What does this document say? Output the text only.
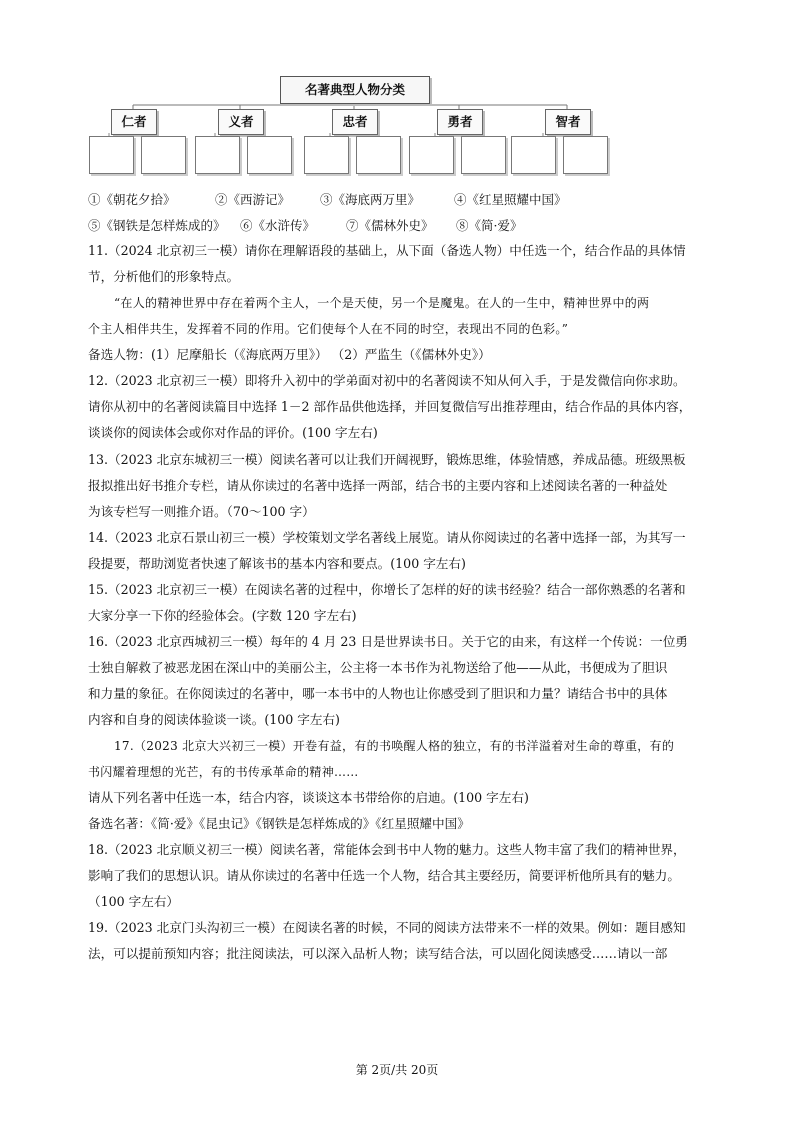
名著典型人物分类
仁者	义者	忠者	勇者	智者
①《朝花夕拾》	②《西游记》 ③《海底两万里》	④《红星照耀中国》
⑤《钢铁是怎样炼成的》 ⑥《水浒传》 ⑦《儒林外史》 ⑧《简·爱》

11.（2024 北京初三一模）请你在理解语段的基础上，从下面（备选人物）中任选一个，结合作品的具体情

节，分析他们的形象特点。

“在人的精神世界中存在着两个主人，一个是天使，另一个是魔鬼。在人的一生中，精神世界中的两

个主人相伴共生，发挥着不同的作用。它们使每个人在不同的时空，表现出不同的色彩。”

备选人物：(1）尼摩船长（《海底两万里》） （2）严监生（《儒林外史》）

12.（2023 北京初三一模）即将升入初中的学弟面对初中的名著阅读不知从何入手，于是发微信向你求助。

请你从初中的名著阅读篇目中选择 1－2 部作品供他选择，并回复微信写出推荐理由，结合作品的具体内容，

谈谈你的阅读体会或你对作品的评价。(100 字左右)

13.（2023 北京东城初三一模）阅读名著可以让我们开阔视野，锻炼思维，体验情感，养成品德。班级黑板

报拟推出好书推介专栏，请从你读过的名著中选择一两部，结合书的主要内容和上述阅读名著的一种益处

为该专栏写一则推介语。（70～100 字）

14.（2023 北京石景山初三一模）学校策划文学名著线上展览。请从你阅读过的名著中选择一部，为其写一

段提要，帮助浏览者快速了解该书的基本内容和要点。(100 字左右)

15.（2023 北京初三一模）在阅读名著的过程中，你增长了怎样的好的读书经验？结合一部你熟悉的名著和

大家分享一下你的经验体会。(字数 120 字左右)

16.（2023 北京西城初三一模）每年的 4 月 23 日是世界读书日。关于它的由来，有这样一个传说：一位勇

士独自解救了被恶龙困在深山中的美丽公主，公主将一本书作为礼物送给了他——从此，书便成为了胆识

和力量的象征。在你阅读过的名著中，哪一本书中的人物也让你感受到了胆识和力量？请结合书中的具体

内容和自身的阅读体验谈一谈。(100 字左右)

17.（2023 北京大兴初三一模）开卷有益，有的书唤醒人格的独立，有的书洋溢着对生命的尊重，有的

书闪耀着理想的光芒，有的书传承革命的精神……

请从下列名著中任选一本，结合内容，谈谈这本书带给你的启迪。(100 字左右)

备选名著：《简·爱》《昆虫记》《钢铁是怎样炼成的》《红星照耀中国》

18.（2023 北京顺义初三一模）阅读名著，常能体会到书中人物的魅力。这些人物丰富了我们的精神世界，

影响了我们的思想认识。请从你读过的名著中任选一个人物，结合其主要经历，简要评析他所具有的魅力。

（100 字左右）

19.（2023 北京门头沟初三一模）在阅读名著的时候，不同的阅读方法带来不一样的效果。例如：题目感知

法，可以提前预知内容；批注阅读法，可以深入品析人物；读写结合法，可以固化阅读感受……请以一部

第 2页/共 20页
